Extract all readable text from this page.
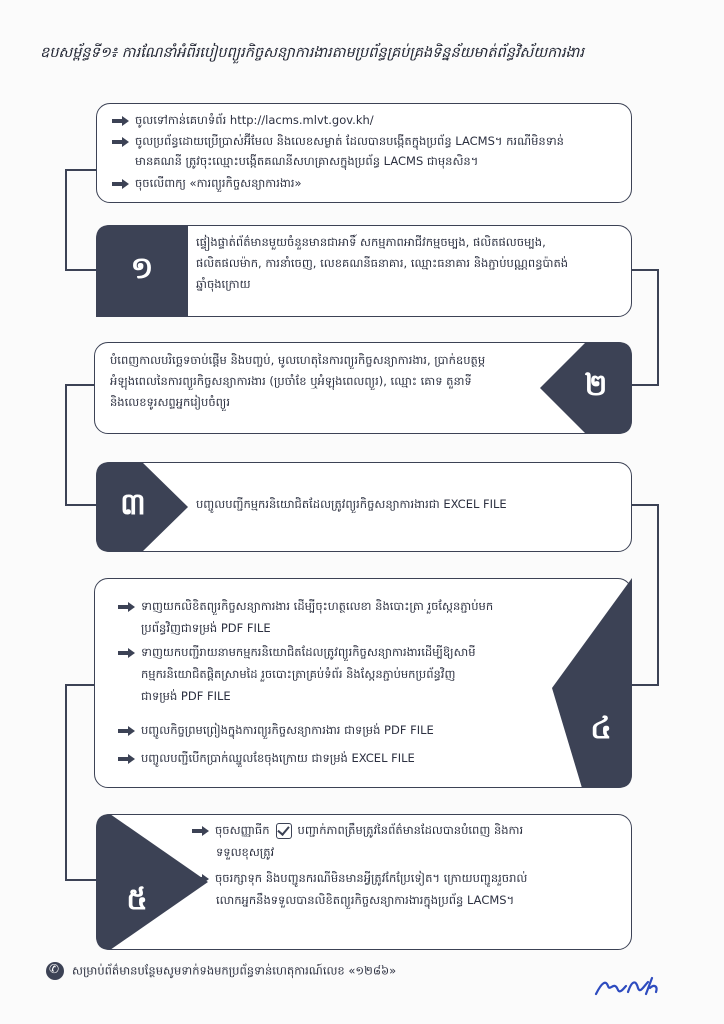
ឧបសម្ព័ន្ធទី១៖ ការណែនាំអំពីរបៀបព្យួរកិច្ចសន្យាការងារតាមប្រព័ន្ធគ្រប់គ្រងទិន្នន័យមាត់ព័ន្ធវិស័យការងារ
ចូលទៅកាន់គេហទំព័រ http://lacms.mlvt.gov.kh/
ចូលប្រព័ន្ធដោយប្រើប្រាស់អ៊ីមែល និងលេខសម្ងាត់ ដែលបានបង្កើតក្នុងប្រព័ន្ធ LACMS។ ករណីមិនទាន់
មានគណនី ត្រូវចុះឈ្មោះបង្កើតគណនីសហគ្រាសក្នុងប្រព័ន្ធ LACMS ជាមុនសិន។
ចុចលើពាក្យ «ការព្យួរកិច្ចសន្យាការងារ»
១
ផ្ទៀងផ្ទាត់ព័ត៌មានមួយចំនួនមានជាអាទិ៍ សកម្មភាពអាជីវកម្មចម្បង, ផលិតផលចម្បង,
ផលិតផលម៉ាក, ការនាំចេញ, លេខគណនីធនាគារ, ឈ្មោះធនាគារ និងភ្ជាប់បណ្ណពន្ធប៉ាតង់
ឆ្នាំចុងក្រោយ
២
បំពេញកាលបរិច្ឆេទចាប់ផ្ដើម និងបញ្ចប់, មូលហេតុនៃការព្យួរកិច្ចសន្យាការងារ, ប្រាក់ឧបត្ថម្ភ
អំឡុងពេលនៃការព្យួរកិច្ចសន្យាការងារ (ប្រចាំខែ ឬអំឡុងពេលព្យួរ), ឈ្មោះ គោទ តួនាទី
និងលេខទូរសព្ទអ្នករៀបចំព្យួរ
៣	បញ្ចូលបញ្ជីកម្មករនិយោជិតដែលត្រូវព្យួរកិច្ចសន្យាការងារជា EXCEL FILE
៤
ទាញយកលិខិតព្យួរកិច្ចសន្យាការងារ ដើម្បីចុះហត្ថលេខា និងបោះត្រា រួចស្កែនភ្ជាប់មក
ប្រព័ន្ធវិញជាទម្រង់ PDF FILE
ទាញយកបញ្ជីរាយនាមកម្មករនិយោជិតដែលត្រូវព្យួរកិច្ចសន្យាការងារដើម្បីឱ្យសាមី
កម្មករនិយោជិតផ្តិតស្រាមដៃ រួចបោះត្រាគ្រប់ទំព័រ និងស្កែនភ្ជាប់មកប្រព័ន្ធវិញ
ជាទម្រង់ PDF FILE
បញ្ចូលកិច្ចព្រមព្រៀងក្នុងការព្យួរកិច្ចសន្យាការងារ ជាទម្រង់ PDF FILE
បញ្ចូលបញ្ជីបើកប្រាក់ឈ្នួលខែចុងក្រោយ ជាទម្រង់ EXCEL FILE
៥
ចុចសញ្ញាធីក បញ្ជាក់ភាពត្រឹមត្រូវនៃព័ត៌មានដែលបានបំពេញ និងការ
ទទួលខុសត្រូវ
ចុចរក្សាទុក និងបញ្ជូនករណីមិនមានអ្វីត្រូវកែប្រែទៀត។ ក្រោយបញ្ជូនរួចរាល់
លោកអ្នកនឹងទទួលបានលិខិតព្យួរកិច្ចសន្យាការងារក្នុងប្រព័ន្ធ LACMS។
✆សម្រាប់ព័ត៌មានបន្ថែមសូមទាក់ទងមកប្រព័ន្ធទាន់ហេតុការណ៍លេខ «១២៨៦»
